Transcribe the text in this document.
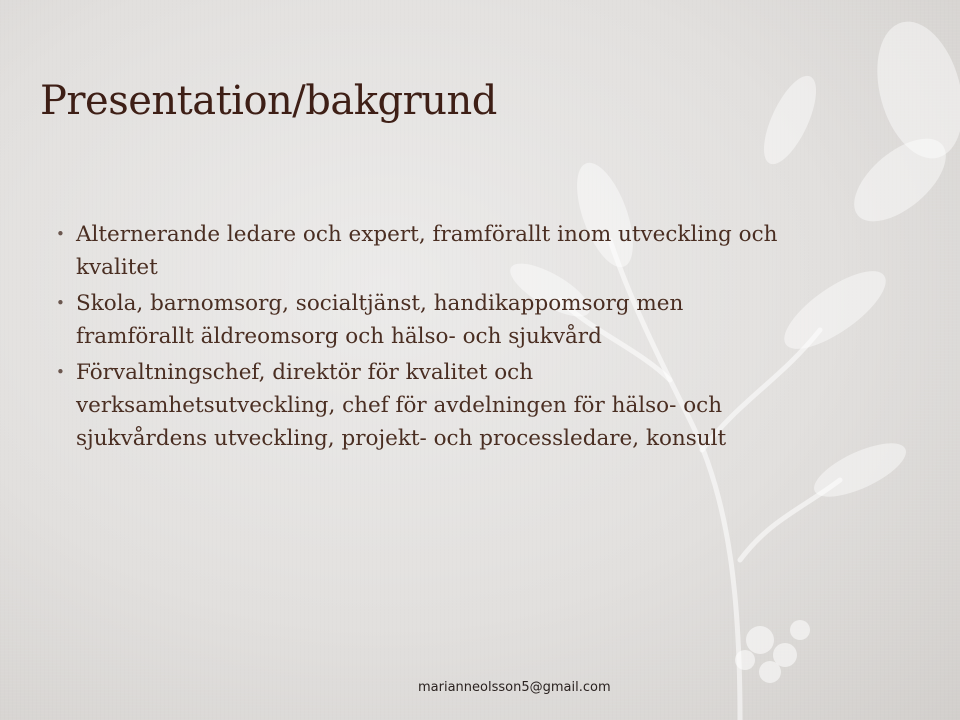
Presentation/bakgrund
• Alternerande ledare och expert, framförallt inom utveckling och
kvalitet
• Skola, barnomsorg, socialtjänst, handikappomsorg men
framförallt äldreomsorg och hälso- och sjukvård
• Förvaltningschef, direktör för kvalitet och
verksamhetsutveckling, chef för avdelningen för hälso- och
sjukvårdens utveckling, projekt- och processledare, konsult
marianneolsson5@gmail.com
